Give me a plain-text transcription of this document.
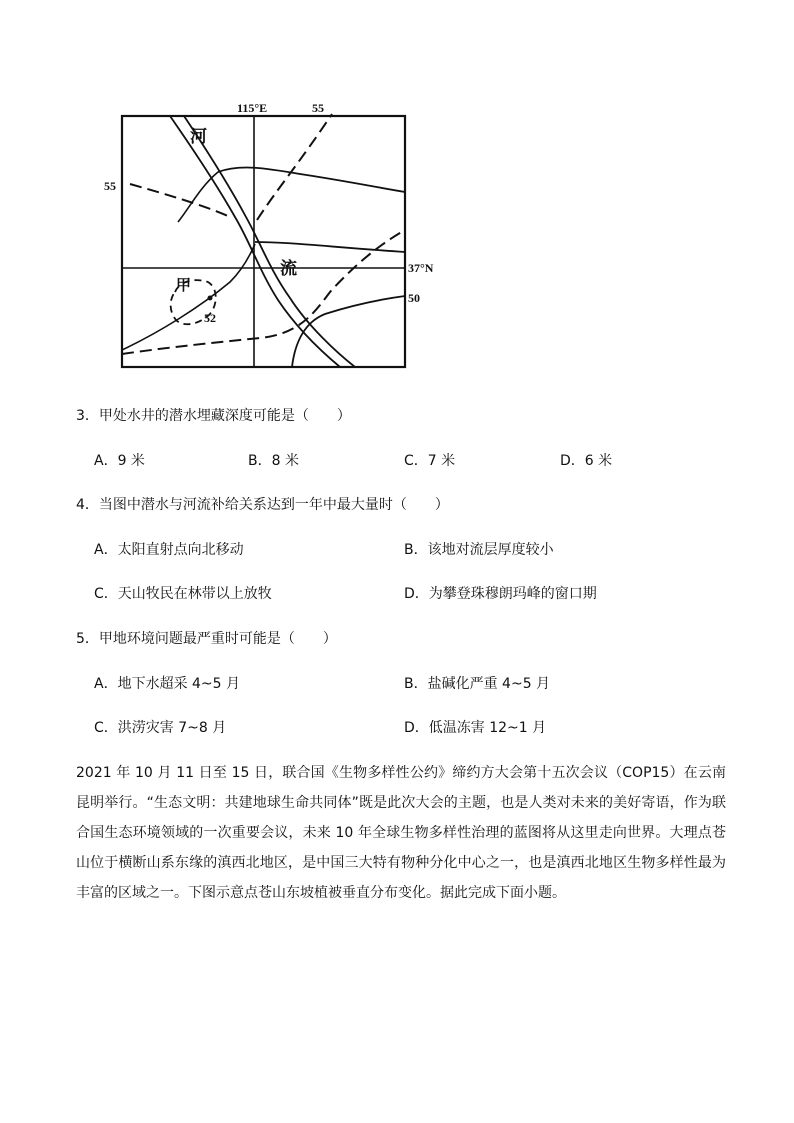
115°E	55
55
37°N
50
52
河
流
甲
3．甲处水井的潜水埋藏深度可能是（　　）
A．9 米	B．8 米	C．7 米	D．6 米
4．当图中潜水与河流补给关系达到一年中最大量时（　　）
A．太阳直射点向北移动	B．该地对流层厚度较小
C．天山牧民在林带以上放牧	D．为攀登珠穆朗玛峰的窗口期
5．甲地环境问题最严重时可能是（　　）
A．地下水超采 4~5 月	B．盐碱化严重 4~5 月
C．洪涝灾害 7~8 月	D．低温冻害 12~1 月

2021 年 10 月 11 日至 15 日，联合国《生物多样性公约》缔约方大会第十五次会议（COP15）在云南昆明举行。“生态文明：共建地球生命共同体”既是此次大会的主题，也是人类对未来的美好寄语，作为联合国生态环境领域的一次重要会议，未来 10 年全球生物多样性治理的蓝图将从这里走向世界。大理点苍山位于横断山系东缘的滇西北地区，是中国三大特有物种分化中心之一，也是滇西北地区生物多样性最为丰富的区域之一。下图示意点苍山东坡植被垂直分布变化。据此完成下面小题。
